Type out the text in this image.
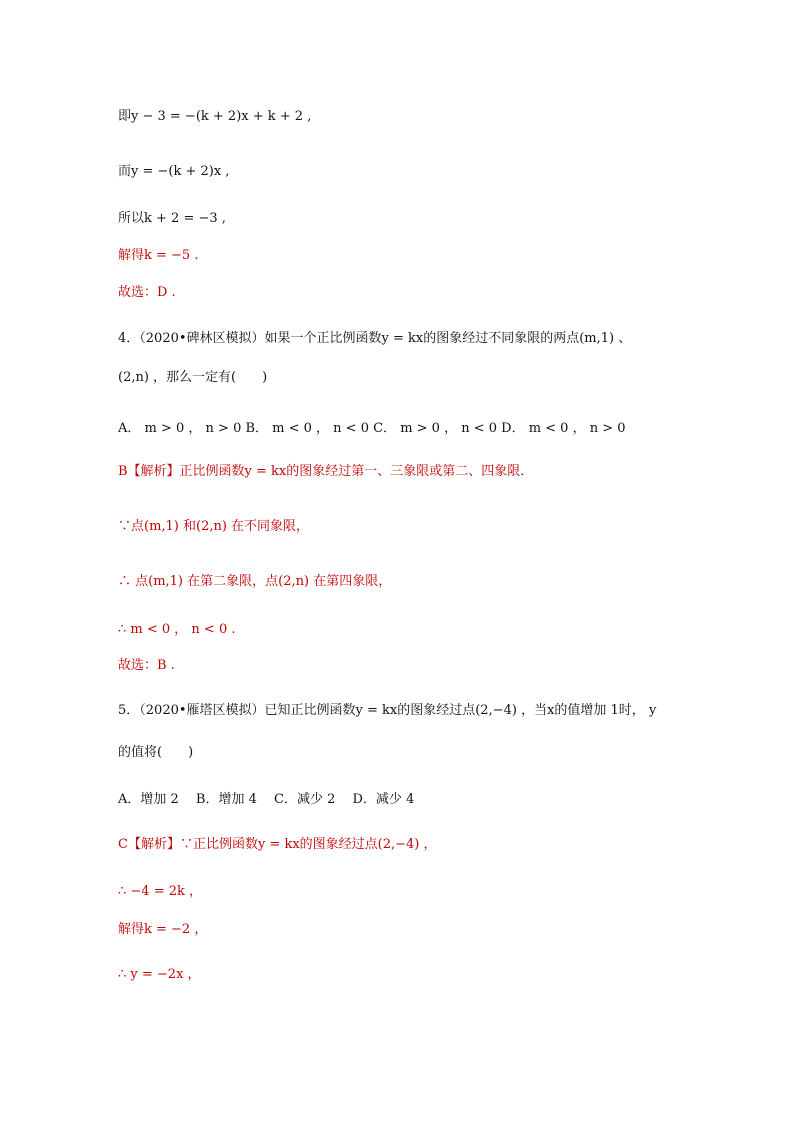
即y − 3 = −(k + 2)x + k + 2 ,
而y = −(k + 2)x ,
所以k + 2 = −3 ,
解得k = −5 .
故选：D .
4．（2020•碑林区模拟）如果一个正比例函数y = kx的图象经过不同象限的两点(m,1) 、
(2,n) ，那么一定有(　　)
A． m > 0 ， n > 0 B． m < 0 ， n < 0 C． m > 0 ， n < 0 D． m < 0 ， n > 0
B【解析】正比例函数y = kx的图象经过第一、三象限或第二、四象限．
∵点(m,1) 和(2,n) 在不同象限，
∴ 点(m,1) 在第二象限，点(2,n) 在第四象限，
∴ m < 0 ， n < 0 .
故选：B .
5．（2020•雁塔区模拟）已知正比例函数y = kx的图象经过点(2,−4) ，当x的值增加 1时， y
的值将(　　)
A．增加 2　 B．增加 4　 C．减少 2　 D．减少 4
C【解析】∵正比例函数y = kx的图象经过点(2,−4) ，
∴ −4 = 2k ，
解得k = −2 ，
∴ y = −2x ，
